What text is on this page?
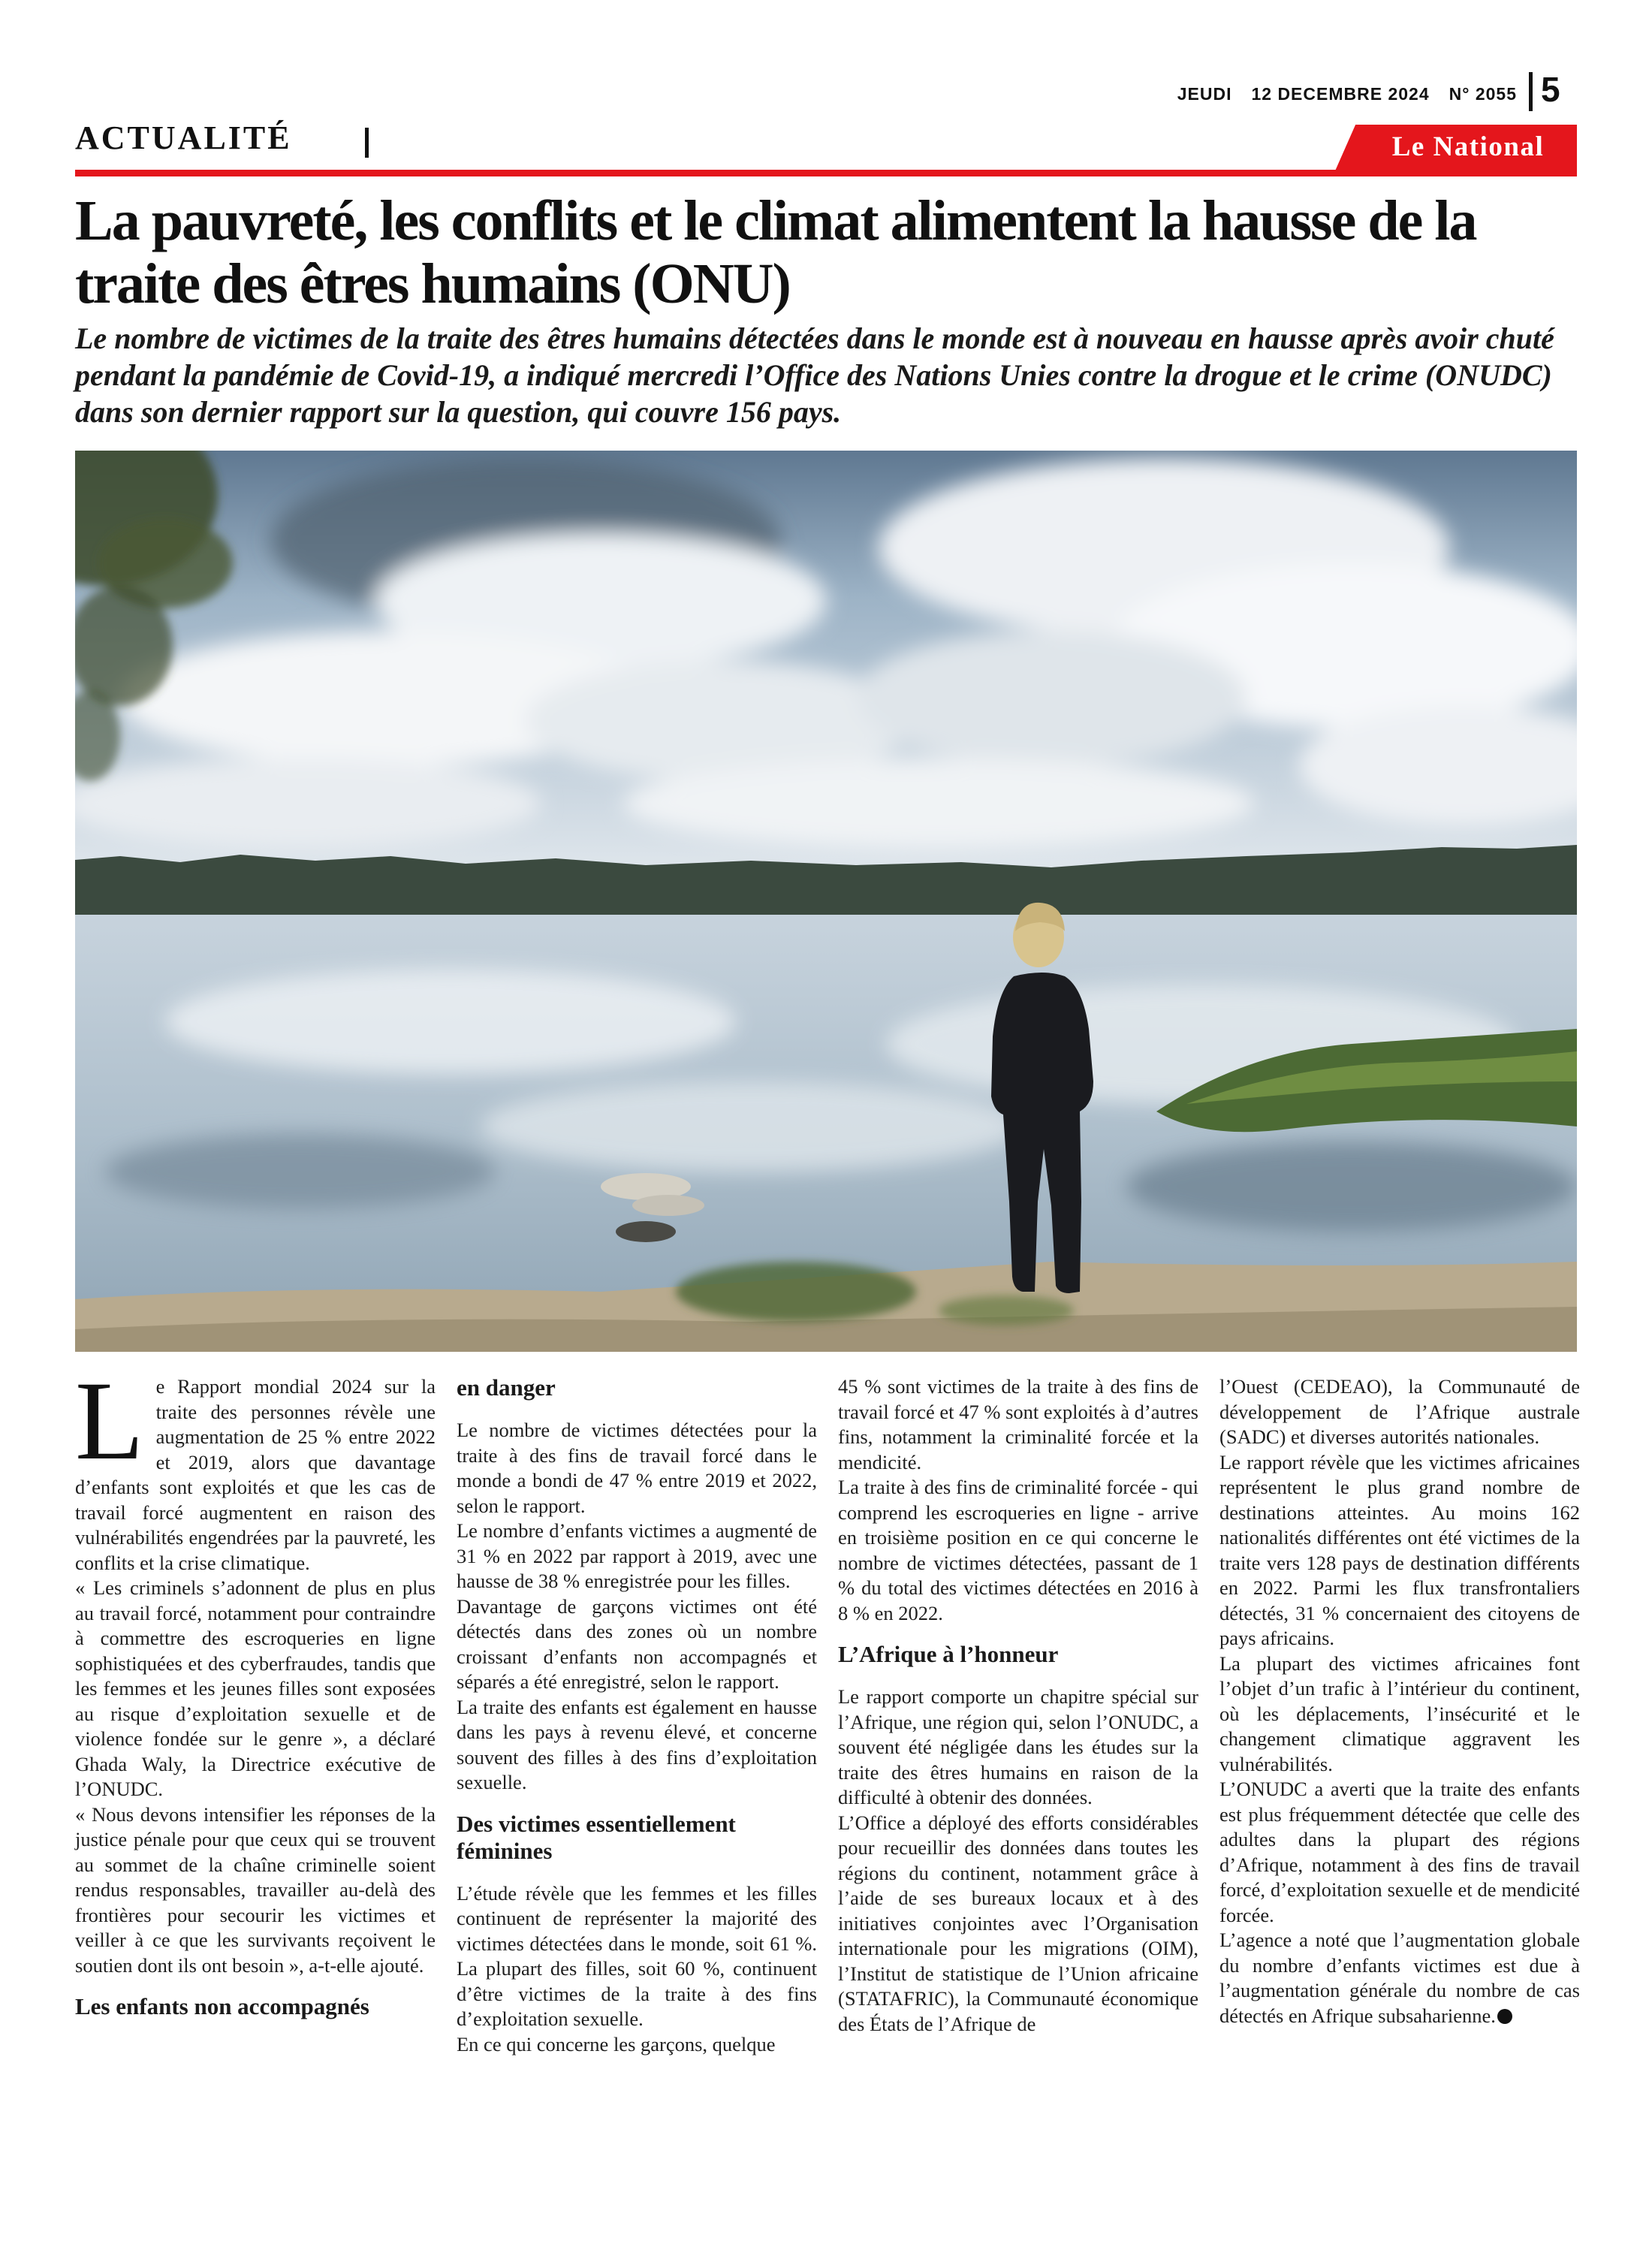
JEUDI 12 DECEMBRE 2024 N° 2055 5
ACTUALITÉ	Le National
La pauvreté, les conflits et le climat alimentent la hausse de la traite des êtres humains (ONU)

Le nombre de victimes de la traite des êtres humains détectées dans le monde est à nouveau en hausse après avoir chuté pendant la pandémie de Covid-19, a indiqué mercredi l’Office des Nations Unies contre la drogue et le crime (ONUDC) dans son dernier rapport sur la question, qui couvre 156 pays.

Le Rapport mondial 2024 sur la traite des personnes révèle une augmentation de 25 % entre 2022 et 2019, alors que davantage d’enfants sont exploités et que les cas de travail forcé augmentent en raison des vulnérabilités engendrées par la pauvreté, les conflits et la crise climatique.

« Les criminels s’adonnent de plus en plus au travail forcé, notamment pour contraindre à commettre des escroqueries en ligne sophistiquées et des cyberfraudes, tandis que les femmes et les jeunes filles sont exposées au risque d’exploitation sexuelle et de violence fondée sur le genre », a déclaré Ghada Waly, la Directrice exécutive de l’ONUDC.

« Nous devons intensifier les réponses de la justice pénale pour que ceux qui se trouvent au sommet de la chaîne criminelle soient rendus responsables, travailler au-delà des frontières pour secourir les victimes et veiller à ce que les survivants reçoivent le soutien dont ils ont besoin », a-t-elle ajouté.

Les enfants non accompagnés
en danger

Le nombre de victimes détectées pour la traite à des fins de travail forcé dans le monde a bondi de 47 % entre 2019 et 2022, selon le rapport.

Le nombre d’enfants victimes a augmenté de 31 % en 2022 par rapport à 2019, avec une hausse de 38 % enregistrée pour les filles.

Davantage de garçons victimes ont été détectés dans des zones où un nombre croissant d’enfants non accompagnés et séparés a été enregistré, selon le rapport.

La traite des enfants est également en hausse dans les pays à revenu élevé, et concerne souvent des filles à des fins d’exploitation sexuelle.

Des victimes essentiellement féminines

L’étude révèle que les femmes et les filles continuent de représenter la majorité des victimes détectées dans le monde, soit 61 %. La plupart des filles, soit 60 %, continuent d’être victimes de la traite à des fins d’exploitation sexuelle.

En ce qui concerne les garçons, quelque

45 % sont victimes de la traite à des fins de travail forcé et 47 % sont exploités à d’autres fins, notamment la criminalité forcée et la mendicité.

La traite à des fins de criminalité forcée - qui comprend les escroqueries en ligne - arrive en troisième position en ce qui concerne le nombre de victimes détectées, passant de 1 % du total des victimes détectées en 2016 à 8 % en 2022.

L’Afrique à l’honneur

Le rapport comporte un chapitre spécial sur l’Afrique, une région qui, selon l’ONUDC, a souvent été négligée dans les études sur la traite des êtres humains en raison de la difficulté à obtenir des données.

L’Office a déployé des efforts considérables pour recueillir des données dans toutes les régions du continent, notamment grâce à l’aide de ses bureaux locaux et à des initiatives conjointes avec l’Organisation internationale pour les migrations (OIM), l’Institut de statistique de l’Union africaine (STATAFRIC), la Communauté économique des États de l’Afrique de

l’Ouest (CEDEAO), la Communauté de développement de l’Afrique australe (SADC) et diverses autorités nationales.

Le rapport révèle que les victimes africaines représentent le plus grand nombre de destinations atteintes. Au moins 162 nationalités différentes ont été victimes de la traite vers 128 pays de destination différents en 2022. Parmi les flux transfrontaliers détectés, 31 % concernaient des citoyens de pays africains.

La plupart des victimes africaines font l’objet d’un trafic à l’intérieur du continent, où les déplacements, l’insécurité et le changement climatique aggravent les vulnérabilités.

L’ONUDC a averti que la traite des enfants est plus fréquemment détectée que celle des adultes dans la plupart des régions d’Afrique, notamment à des fins de travail forcé, d’exploitation sexuelle et de mendicité forcée.

L’agence a noté que l’augmentation globale du nombre d’enfants victimes est due à l’augmentation générale du nombre de cas détectés en Afrique subsaharienne.
